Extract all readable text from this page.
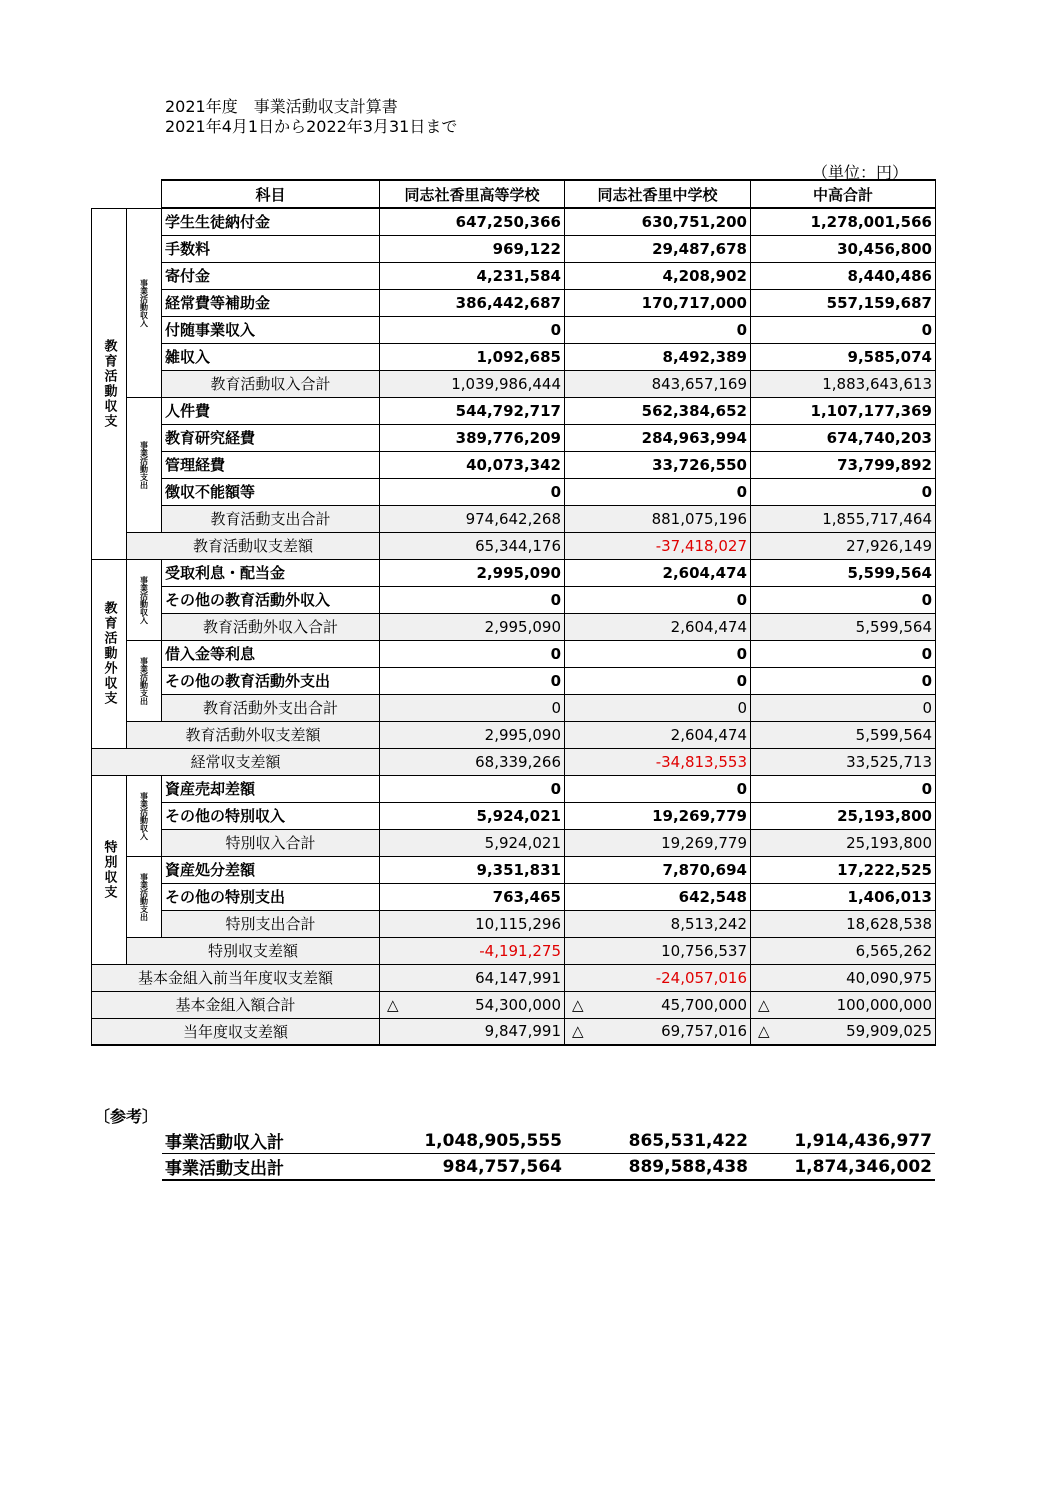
2021年度　事業活動収支計算書
2021年4月1日から2022年3月31日まで
（単位：円）
		科目	同志社香里高等学校	同志社香里中学校	中高合計
教育活動収支	事業活動収入	学生生徒納付金	647,250,366	630,751,200	1,278,001,566
		手数料	969,122	29,487,678	30,456,800
		寄付金	4,231,584	4,208,902	8,440,486
		経常費等補助金	386,442,687	170,717,000	557,159,687
		付随事業収入	0	0	0
		雑収入	1,092,685	8,492,389	9,585,074
		教育活動収入合計	1,039,986,444	843,657,169	1,883,643,613
	事業活動支出	人件費	544,792,717	562,384,652	1,107,177,369
		教育研究経費	389,776,209	284,963,994	674,740,203
		管理経費	40,073,342	33,726,550	73,799,892
		徴収不能額等	0	0	0
		教育活動支出合計	974,642,268	881,075,196	1,855,717,464
	教育活動収支差額		65,344,176	-37,418,027	27,926,149
教育活動外収支	事業活動収入	受取利息・配当金	2,995,090	2,604,474	5,599,564
		その他の教育活動外収入	0	0	0
		教育活動外収入合計	2,995,090	2,604,474	5,599,564
	事業活動支出	借入金等利息	0	0	0
		その他の教育活動外支出	0	0	0
		教育活動外支出合計	0	0	0
	教育活動外収支差額		2,995,090	2,604,474	5,599,564
経常収支差額			68,339,266	-34,813,553	33,525,713
特別収支	事業活動収入	資産売却差額	0	0	0
		その他の特別収入	5,924,021	19,269,779	25,193,800
		特別収入合計	5,924,021	19,269,779	25,193,800
	事業活動支出	資産処分差額	9,351,831	7,870,694	17,222,525
		その他の特別支出	763,465	642,548	1,406,013
		特別支出合計	10,115,296	8,513,242	18,628,538
	特別収支差額		-4,191,275	10,756,537	6,565,262
基本金組入前当年度収支差額			64,147,991	-24,057,016	40,090,975
基本金組入額合計			△ 54,300,000	△ 45,700,000	△ 100,000,000
当年度収支差額			9,847,991	△ 69,757,016	△ 59,909,025
〔参考〕
事業活動収入計	1,048,905,555	865,531,422	1,914,436,977
事業活動支出計	984,757,564	889,588,438	1,874,346,002
